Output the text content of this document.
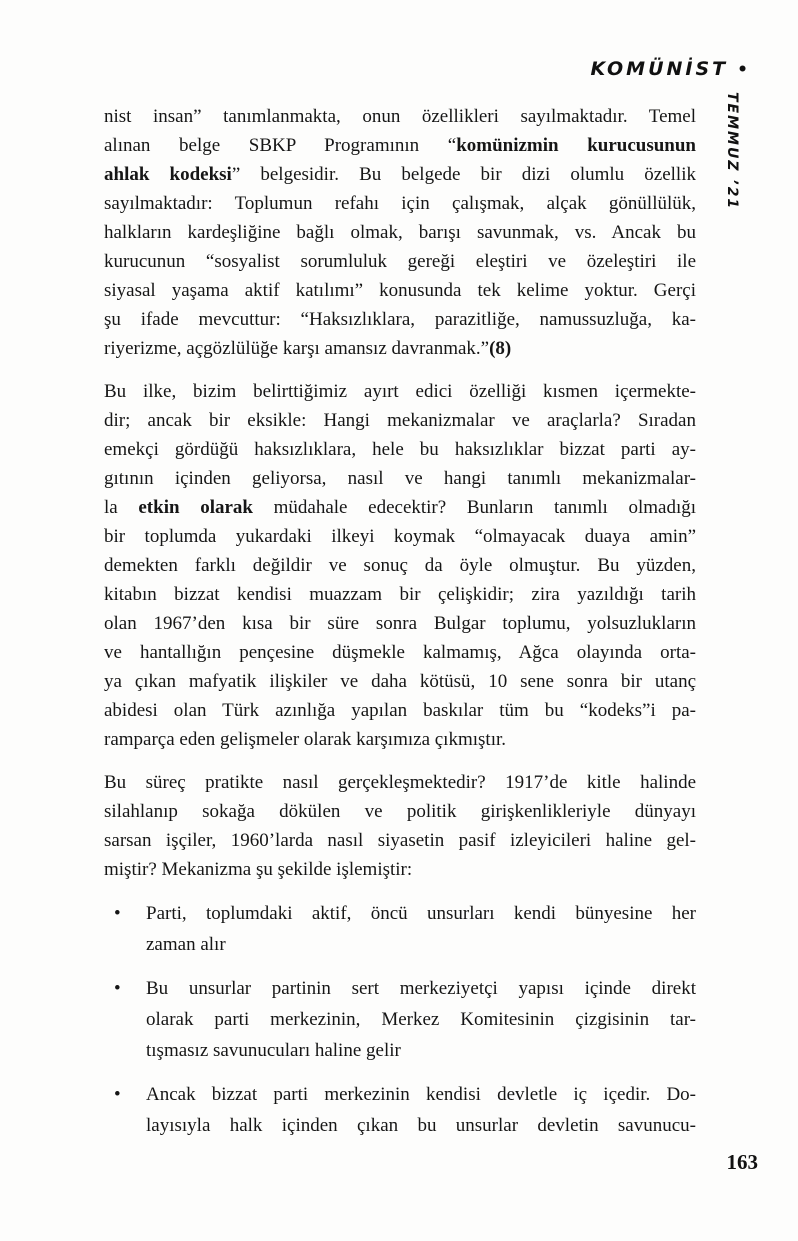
KOMÜNİST •
TEMMUZ ’21
nist insan” tanımlanmakta, onun özellikleri sayılmaktadır. Temel
alınan belge SBKP Programının “komünizmin kurucusunun
ahlak kodeksi” belgesidir. Bu belgede bir dizi olumlu özellik
sayılmaktadır: Toplumun refahı için çalışmak, alçak gönüllülük,
halkların kardeşliğine bağlı olmak, barışı savunmak, vs. Ancak bu
kurucunun “sosyalist sorumluluk gereği eleştiri ve özeleştiri ile
siyasal yaşama aktif katılımı” konusunda tek kelime yoktur. Gerçi
şu ifade mevcuttur: “Haksızlıklara, parazitliğe, namussuzluğa, ka-
riyerizme, açgözlülüğe karşı amansız davranmak.”(8)
Bu ilke, bizim belirttiğimiz ayırt edici özelliği kısmen içermekte-
dir; ancak bir eksikle: Hangi mekanizmalar ve araçlarla? Sıradan
emekçi gördüğü haksızlıklara, hele bu haksızlıklar bizzat parti ay-
gıtının içinden geliyorsa, nasıl ve hangi tanımlı mekanizmalar-
la etkin olarak müdahale edecektir? Bunların tanımlı olmadığı
bir toplumda yukardaki ilkeyi koymak “olmayacak duaya amin”
demekten farklı değildir ve sonuç da öyle olmuştur. Bu yüzden,
kitabın bizzat kendisi muazzam bir çelişkidir; zira yazıldığı tarih
olan 1967’den kısa bir süre sonra Bulgar toplumu, yolsuzlukların
ve hantallığın pençesine düşmekle kalmamış, Ağca olayında orta-
ya çıkan mafyatik ilişkiler ve daha kötüsü, 10 sene sonra bir utanç
abidesi olan Türk azınlığa yapılan baskılar tüm bu “kodeks”i pa-
ramparça eden gelişmeler olarak karşımıza çıkmıştır.
Bu süreç pratikte nasıl gerçekleşmektedir? 1917’de kitle halinde
silahlanıp sokağa dökülen ve politik girişkenlikleriyle dünyayı
sarsan işçiler, 1960’larda nasıl siyasetin pasif izleyicileri haline gel-
miştir? Mekanizma şu şekilde işlemiştir:
•	Parti, toplumdaki aktif, öncü unsurları kendi bünyesine her
zaman alır
•	Bu unsurlar partinin sert merkeziyetçi yapısı içinde direkt
olarak parti merkezinin, Merkez Komitesinin çizgisinin tar-
tışmasız savunucuları haline gelir
•	Ancak bizzat parti merkezinin kendisi devletle iç içedir. Do-
layısıyla halk içinden çıkan bu unsurlar devletin savunucu-
163
